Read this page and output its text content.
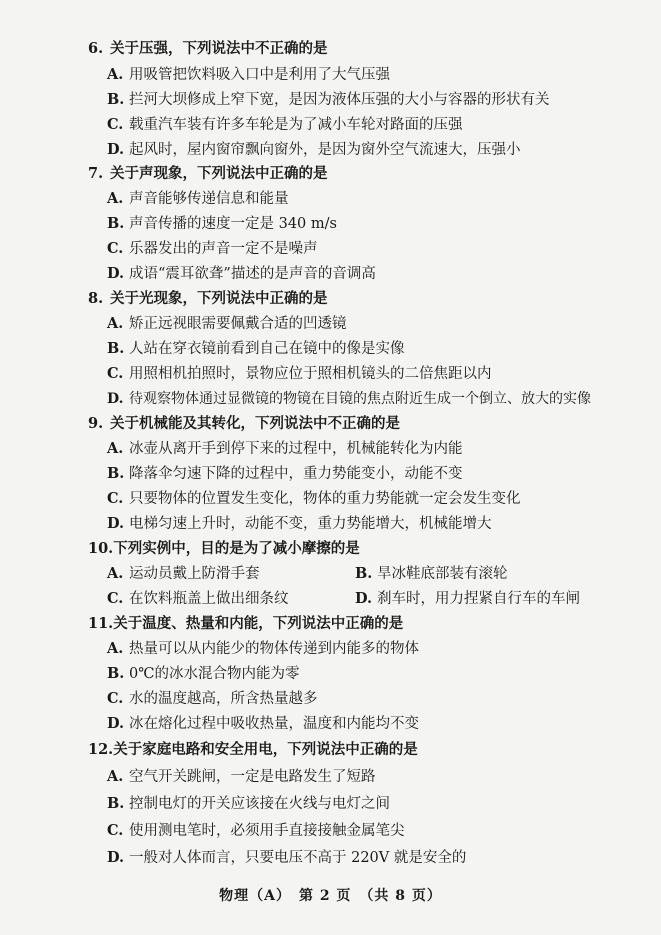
6. 关于压强，下列说法中不正确的是
A. 用吸管把饮料吸入口中是利用了大气压强
B. 拦河大坝修成上窄下宽，是因为液体压强的大小与容器的形状有关
C. 载重汽车装有许多车轮是为了减小车轮对路面的压强
D. 起风时，屋内窗帘飘向窗外，是因为窗外空气流速大，压强小
7. 关于声现象，下列说法中正确的是
A. 声音能够传递信息和能量
B. 声音传播的速度一定是 340 m/s
C. 乐器发出的声音一定不是噪声
D. 成语“震耳欲聋”描述的是声音的音调高
8. 关于光现象，下列说法中正确的是
A. 矫正远视眼需要佩戴合适的凹透镜
B. 人站在穿衣镜前看到自己在镜中的像是实像
C. 用照相机拍照时，景物应位于照相机镜头的二倍焦距以内
D. 待观察物体通过显微镜的物镜在目镜的焦点附近生成一个倒立、放大的实像
9. 关于机械能及其转化，下列说法中不正确的是
A. 冰壶从离开手到停下来的过程中，机械能转化为内能
B. 降落伞匀速下降的过程中，重力势能变小，动能不变
C. 只要物体的位置发生变化，物体的重力势能就一定会发生变化
D. 电梯匀速上升时，动能不变，重力势能增大，机械能增大
10.下列实例中，目的是为了减小摩擦的是
A. 运动员戴上防滑手套	B. 旱冰鞋底部装有滚轮
C. 在饮料瓶盖上做出细条纹	D. 刹车时，用力捏紧自行车的车闸
11.关于温度、热量和内能，下列说法中正确的是
A. 热量可以从内能少的物体传递到内能多的物体
B. 0℃的冰水混合物内能为零
C. 水的温度越高，所含热量越多
D. 冰在熔化过程中吸收热量，温度和内能均不变
12.关于家庭电路和安全用电，下列说法中正确的是
A. 空气开关跳闸，一定是电路发生了短路
B. 控制电灯的开关应该接在火线与电灯之间
C. 使用测电笔时，必须用手直接接触金属笔尖
D. 一般对人体而言，只要电压不高于 220V 就是安全的
物理（A）　第 2 页　（共 8 页）
